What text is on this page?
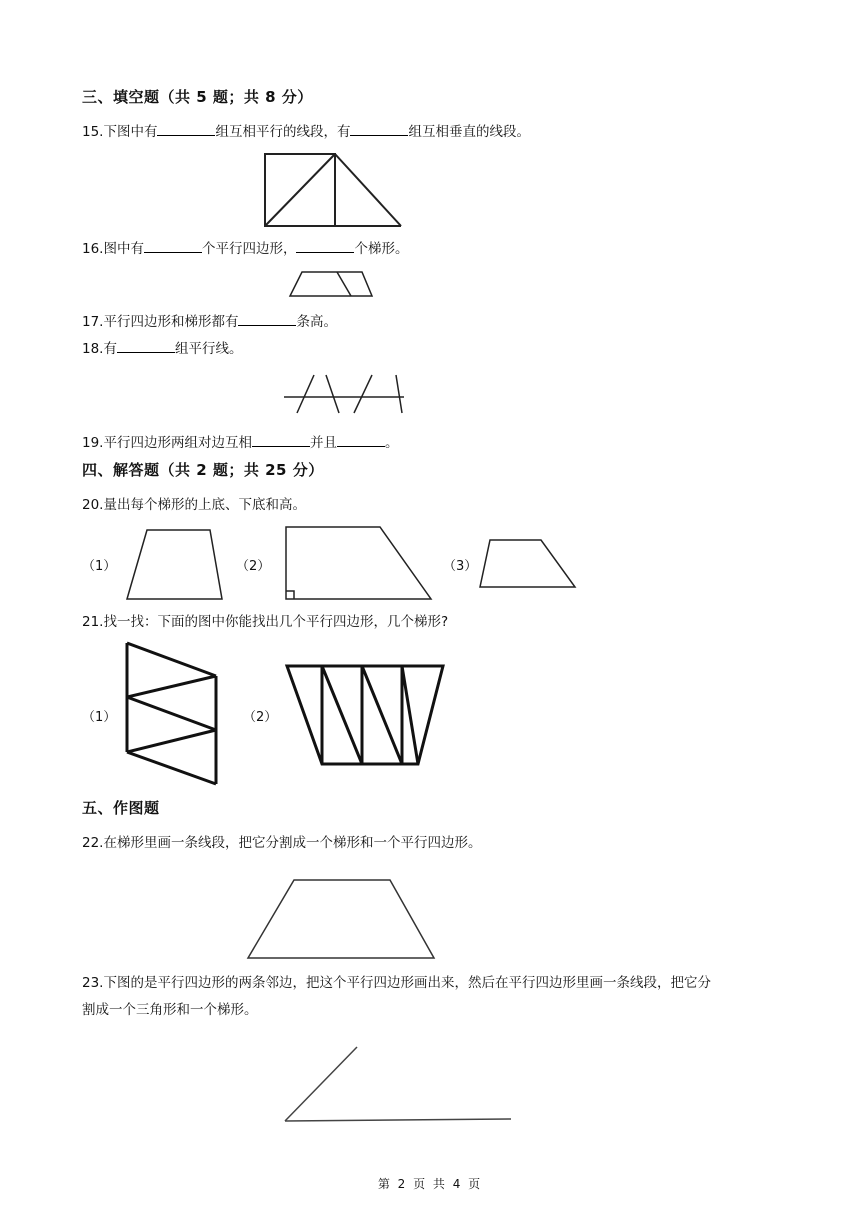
三、填空题（共 5 题；共 8 分）
15.下图中有	组互相平行的线段，有	组互相垂直的线段。
16.图中有	个平行四边形，	个梯形。
17.平行四边形和梯形都有	条高。
18.有	组平行线。
19.平行四边形两组对边互相	并且	。
四、解答题（共 2 题；共 25 分）
20.量出每个梯形的上底、下底和高。
（1）	（2）	（3）
21.找一找：下面的图中你能找出几个平行四边形，几个梯形?
（1）	（2）
五、作图题
22.在梯形里画一条线段，把它分割成一个梯形和一个平行四边形。
23.下图的是平行四边形的两条邻边，把这个平行四边形画出来，然后在平行四边形里画一条线段，把它分
割成一个三角形和一个梯形。
第 2 页 共 4 页
